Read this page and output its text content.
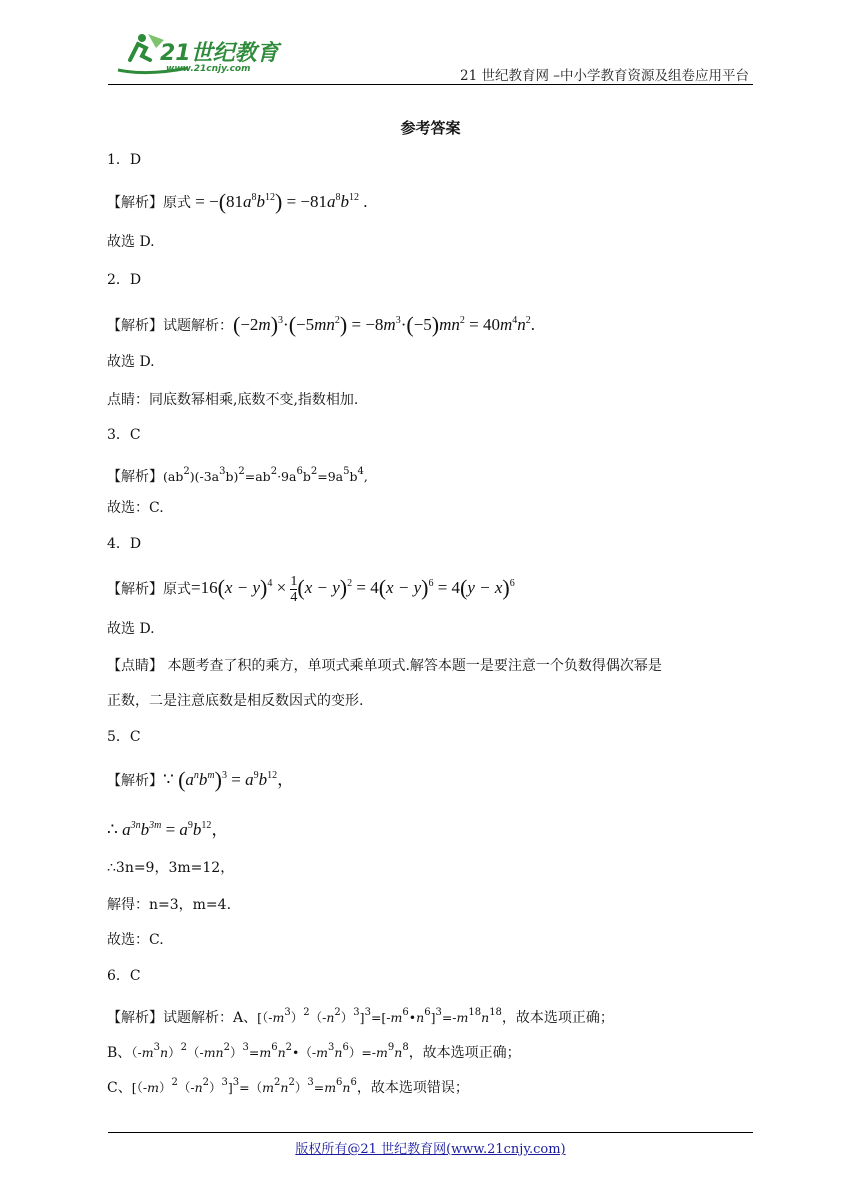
21世纪教育
www.21cnjy.com	21 世纪教育网 –中小学教育资源及组卷应用平台
参考答案
1．D
【解析】原式 = $-(81a^8b^{12}) = -81a^8b^{12}$ .
故选 D.
2．D
【解析】试题解析：$(-2m)^3\cdot(-5mn^2) = -8m^3\cdot(-5)mn^2 = 40m^4n^2$.
故选 D.
点睛：同底数幂相乘,底数不变,指数相加.
3．C
【解析】$(ab^2)(-3a^3b)^2=ab^2\cdot 9a^6b^2=9a^5b^4$,
故选：C.
4．D
【解析】原式$=16(x - y)^4 \times \frac{1}{4} (x - y)^2 = 4(x - y)^6 = 4(y - x)^6$
故选 D.
【点睛】 本题考查了积的乘方，单项式乘单项式.解答本题一是要注意一个负数得偶次幂是
正数，二是注意底数是相反数因式的变形.
5．C
【解析】∵ $(a^nb^m)^3 = a^9b^{12}$，
∴ $a^{3n}b^{3m} = a^9b^{12}$，
∴3n=9，3m=12，
解得：n=3，m=4.
故选：C.
6．C
【解析】试题解析：A、$[(-m^3)^2(-n^2)^3]^3=[-m^6•n^6]^3=-m^{18}n^{18}$，故本选项正确；
B、$(-m^3n)^2(-mn^2)^3=m^6n^2•(-m^3n^6)=-m^9n^8$，故本选项正确；
C、$[(-m)^2(-n^2)^3]^3=(m^2n^2)^3=m^6n^6$，故本选项错误；
版权所有@21 世纪教育网(www.21cnjy.com)
